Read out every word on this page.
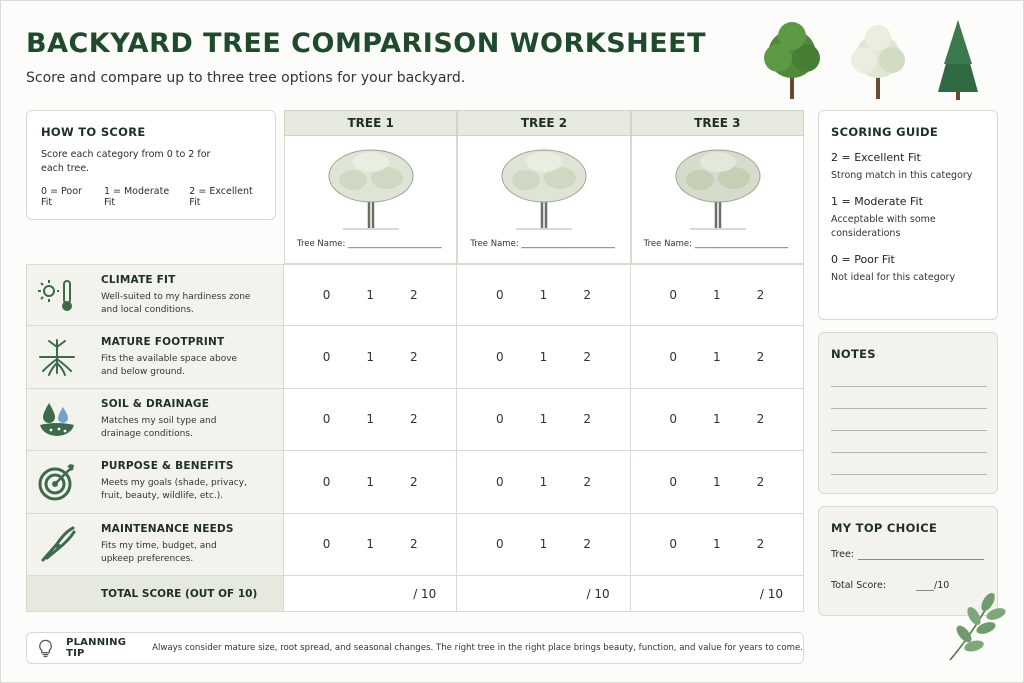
BACKYARD TREE COMPARISON WORKSHEET
Score and compare up to three tree options for your backyard.
HOW TO SCORE
Score each category from 0 to 2 for each tree.
0 = Poor Fit
1 = Moderate Fit
2 = Excellent Fit
TREE 1	TREE 2	TREE 3
Tree Name: ______________________	Tree Name: ______________________	Tree Name: ______________________
CLIMATE FIT
Well-suited to my hardiness zone and local conditions.
0	1	2	0	1	2	0	1	2
MATURE FOOTPRINT
Fits the available space above and below ground.
0	1	2	0	1	2	0	1	2
SOIL & DRAINAGE
Matches my soil type and drainage conditions.
0	1	2	0	1	2	0	1	2
PURPOSE & BENEFITS
Meets my goals (shade, privacy, fruit, beauty, wildlife, etc.).
0	1	2	0	1	2	0	1	2
MAINTENANCE NEEDS
Fits my time, budget, and upkeep preferences.
0	1	2	0	1	2	0	1	2
TOTAL SCORE (OUT OF 10)	/ 10	/ 10	/ 10
SCORING GUIDE
2 = Excellent Fit
Strong match in this category
1 = Moderate Fit
Acceptable with some considerations
0 = Poor Fit
Not ideal for this category
NOTES
MY TOP CHOICE
Tree:
Total Score:	/10
PLANNING TIP	Always consider mature size, root spread, and seasonal changes. The right tree in the right place brings beauty, function, and value for years to come.
